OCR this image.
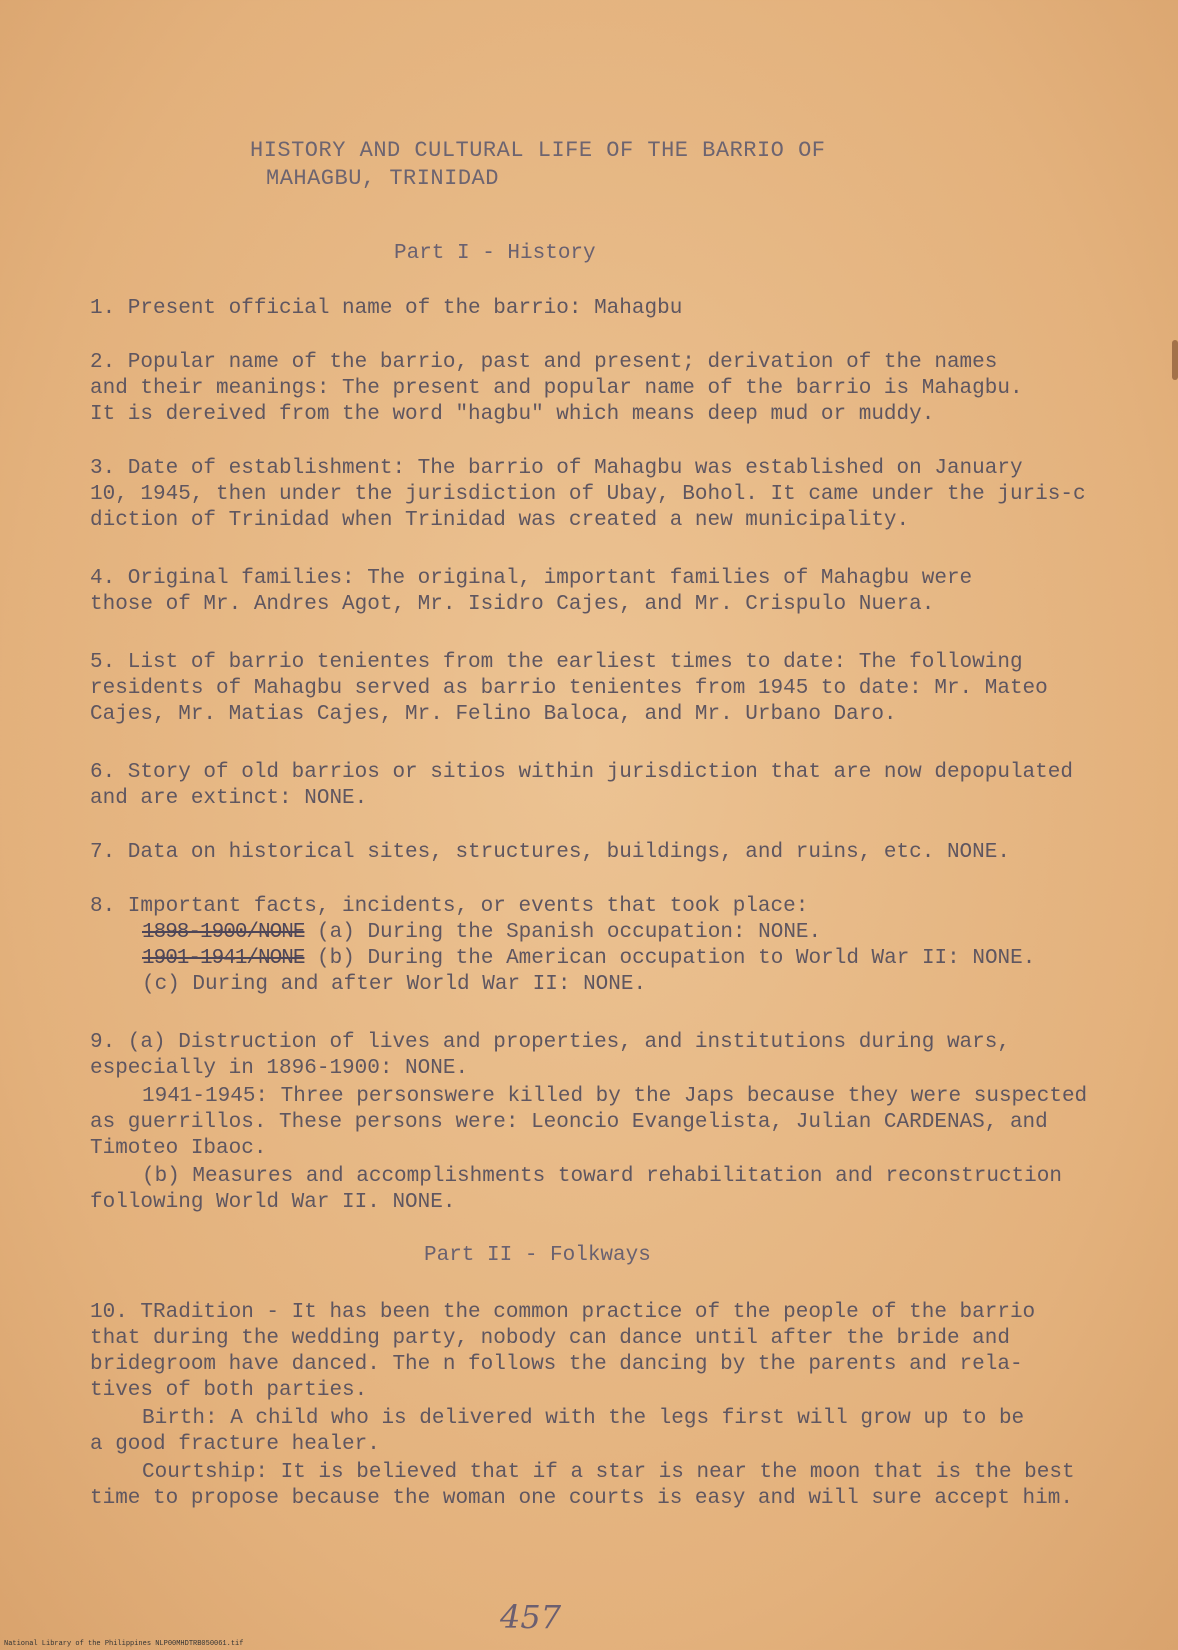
HISTORY AND CULTURAL LIFE OF THE BARRIO OF
MAHAGBU, TRINIDAD
Part I - History
1. Present official name of the barrio: Mahagbu
2. Popular name of the barrio, past and present; derivation of the names
and their meanings: The present and popular name of the barrio is Mahagbu.
It is dereived from the word "hagbu" which means deep mud or muddy.
3. Date of establishment: The barrio of Mahagbu was established on January
10, 1945, then under the jurisdiction of Ubay, Bohol. It came under the juris-c
diction of Trinidad when Trinidad was created a new municipality.
4. Original families: The original, important families of Mahagbu were
those of Mr. Andres Agot, Mr. Isidro Cajes, and Mr. Crispulo Nuera.
5. List of barrio tenientes from the earliest times to date: The following
residents of Mahagbu served as barrio tenientes from 1945 to date: Mr. Mateo
Cajes, Mr. Matias Cajes, Mr. Felino Baloca, and Mr. Urbano Daro.
6. Story of old barrios or sitios within jurisdiction that are now depopulated
and are extinct: NONE.
7. Data on historical sites, structures, buildings, and ruins, etc. NONE.
8. Important facts, incidents, or events that took place:
1898-1900/NONE (a) During the Spanish occupation: NONE.
1901-1941/NONE (b) During the American occupation to World War II: NONE.
(c) During and after World War II: NONE.
9. (a) Distruction of lives and properties, and institutions during wars,
especially in 1896-1900: NONE.
1941-1945: Three personswere killed by the Japs because they were suspected
as guerrillos. These persons were: Leoncio Evangelista, Julian CARDENAS, and
Timoteo Ibaoc.
(b) Measures and accomplishments toward rehabilitation and reconstruction
following World War II. NONE.
Part II - Folkways
10. TRadition - It has been the common practice of the people of the barrio
that during the wedding party, nobody can dance until after the bride and
bridegroom have danced. The n follows the dancing by the parents and rela-
tives of both parties.
Birth: A child who is delivered with the legs first will grow up to be
a good fracture healer.
Courtship: It is believed that if a star is near the moon that is the best
time to propose because the woman one courts is easy and will sure accept him.
457
National Library of the Philippines NLP00MHDTRB050061.tif
